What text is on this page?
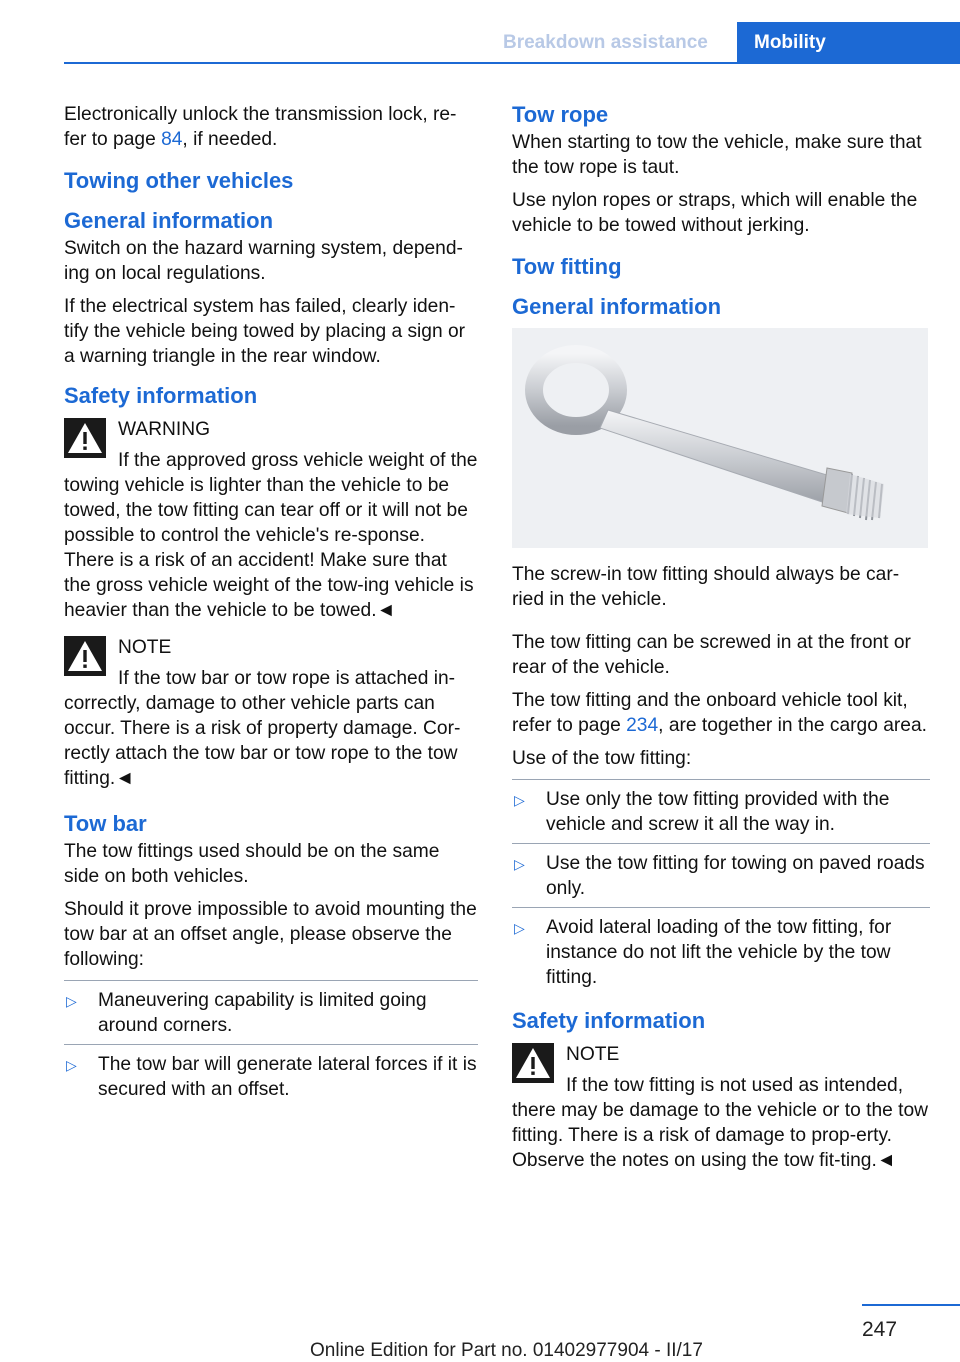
Breakdown assistance	Mobility

Electronically unlock the transmission lock, re‐fer to page 84, if needed.

Towing other vehicles
General information

Switch on the hazard warning system, depend‐ing on local regulations.

If the electrical system has failed, clearly iden‐tify the vehicle being towed by placing a sign or a warning triangle in the rear window.

Safety information
WARNING
If the approved gross vehicle weight of the towing vehicle is lighter than the vehicle to be towed, the tow fitting can tear off or it will not be possible to control the vehicle's re‐sponse. There is a risk of an accident! Make sure that the gross vehicle weight of the tow‐ing vehicle is heavier than the vehicle to be towed.◄
NOTE
If the tow bar or tow rope is attached in‐correctly, damage to other vehicle parts can occur. There is a risk of property damage. Cor‐rectly attach the tow bar or tow rope to the tow fitting.◄
Tow bar

The tow fittings used should be on the same side on both vehicles.

Should it prove impossible to avoid mounting the tow bar at an offset angle, please observe the following:

▷ Maneuvering capability is limited going around corners.
▷ The tow bar will generate lateral forces if it is secured with an offset.
Tow rope

When starting to tow the vehicle, make sure that the tow rope is taut.

Use nylon ropes or straps, which will enable the vehicle to be towed without jerking.

Tow fitting
General information

The screw-in tow fitting should always be car‐ried in the vehicle.

The tow fitting can be screwed in at the front or rear of the vehicle.

The tow fitting and the onboard vehicle tool kit, refer to page 234, are together in the cargo area.

Use of the tow fitting:

▷ Use only the tow fitting provided with the vehicle and screw it all the way in.
▷ Use the tow fitting for towing on paved roads only.
▷ Avoid lateral loading of the tow fitting, for instance do not lift the vehicle by the tow fitting.
Safety information
NOTE
If the tow fitting is not used as intended, there may be damage to the vehicle or to the tow fitting. There is a risk of damage to prop‐erty. Observe the notes on using the tow fit‐ting.◄
247
Online Edition for Part no. 01402977904 - II/17
